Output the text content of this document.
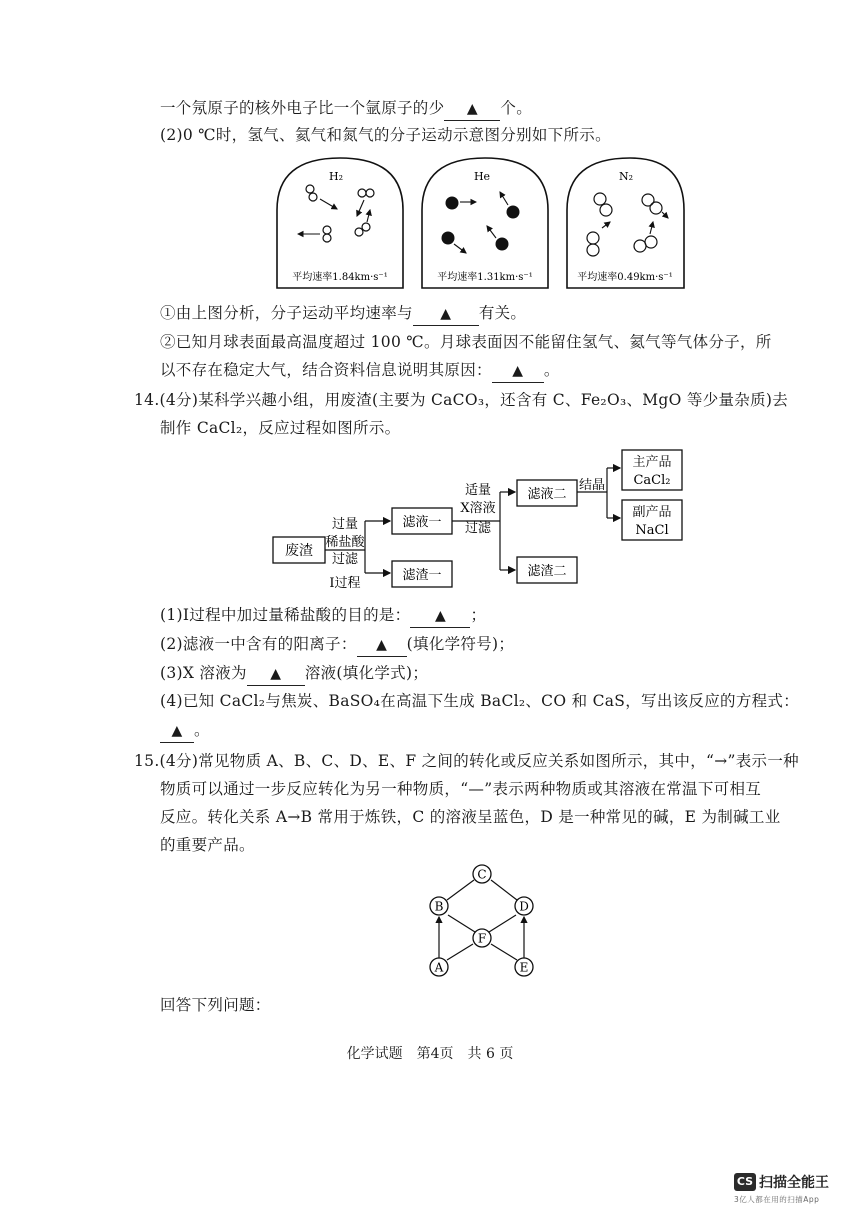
一个氖原子的核外电子比一个氩原子的少 ▲ 个。
(2)0 ℃时，氢气、氦气和氮气的分子运动示意图分别如下所示。
H₂
平均速率1.84km·s⁻¹
He
平均速率1.31km·s⁻¹
N₂
平均速率0.49km·s⁻¹
①由上图分析，分子运动平均速率与 ▲ 有关。
②已知月球表面最高温度超过 100 ℃。月球表面因不能留住氢气、氦气等气体分子，所
以不存在稳定大气，结合资料信息说明其原因： ▲ 。
14.(4分)某科学兴趣小组，用废渣(主要为 CaCO₃，还含有 C、Fe₂O₃、MgO 等少量杂质)去
制作 CaCl₂，反应过程如图所示。
废渣
过量
稀盐酸
过滤
Ⅰ过程
滤液一
滤渣一
适量
X溶液
过滤
滤液二
滤渣二
结晶
主产品
CaCl₂
副产品
NaCl
(1)Ⅰ过程中加过量稀盐酸的目的是： ▲ ；
(2)滤液一中含有的阳离子： ▲ (填化学符号)；
(3)X 溶液为 ▲ 溶液(填化学式)；
(4)已知 CaCl₂与焦炭、BaSO₄在高温下生成 BaCl₂、CO 和 CaS，写出该反应的方程式：
▲ 。
15.(4分)常见物质 A、B、C、D、E、F 之间的转化或反应关系如图所示，其中，“→”表示一种
物质可以通过一步反应转化为另一种物质，“—”表示两种物质或其溶液在常温下可相互
反应。转化关系 A→B 常用于炼铁，C 的溶液呈蓝色，D 是一种常见的碱，E 为制碱工业
的重要产品。
C
B	D
F
A	E
回答下列问题：
化学试题　第4页　共 6 页
CS 扫描全能王
3亿人都在用的扫描App
